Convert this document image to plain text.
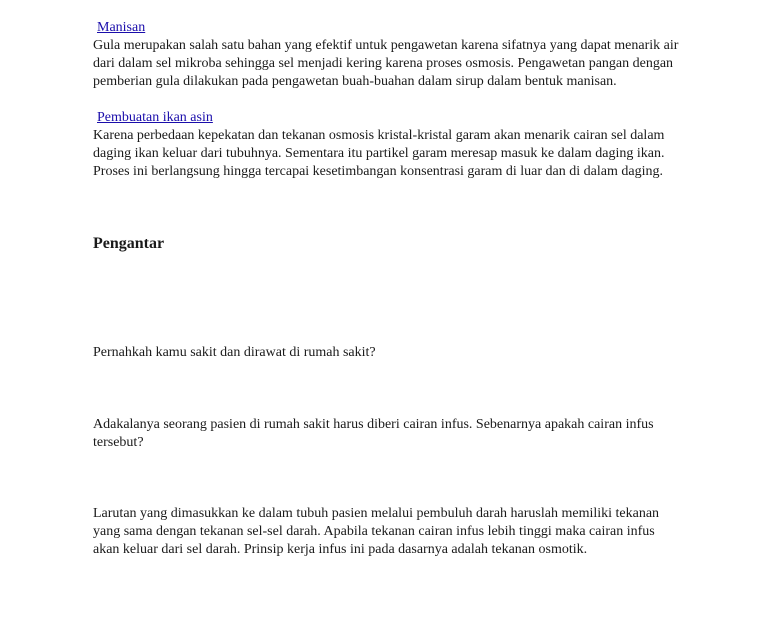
Manisan

Gula merupakan salah satu bahan yang efektif untuk pengawetan karena sifatnya yang dapat menarik air dari dalam sel mikroba sehingga sel menjadi kering karena proses osmosis. Pengawetan pangan dengan pemberian gula dilakukan pada pengawetan buah-buahan dalam sirup dalam bentuk manisan.

Pembuatan ikan asin

Karena perbedaan kepekatan dan tekanan osmosis kristal-kristal garam akan menarik cairan sel dalam daging ikan keluar dari tubuhnya. Sementara itu partikel garam meresap masuk ke dalam daging ikan. Proses ini berlangsung hingga tercapai kesetimbangan konsentrasi garam di luar dan di dalam daging.

Pengantar

Pernahkah kamu sakit dan dirawat di rumah sakit?

Adakalanya seorang pasien di rumah sakit harus diberi cairan infus. Sebenarnya apakah cairan infus tersebut?

Larutan yang dimasukkan ke dalam tubuh pasien melalui pembuluh darah haruslah memiliki tekanan yang sama dengan tekanan sel-sel darah. Apabila tekanan cairan infus lebih tinggi maka cairan infus akan keluar dari sel darah. Prinsip kerja infus ini pada dasarnya adalah tekanan osmotik.
